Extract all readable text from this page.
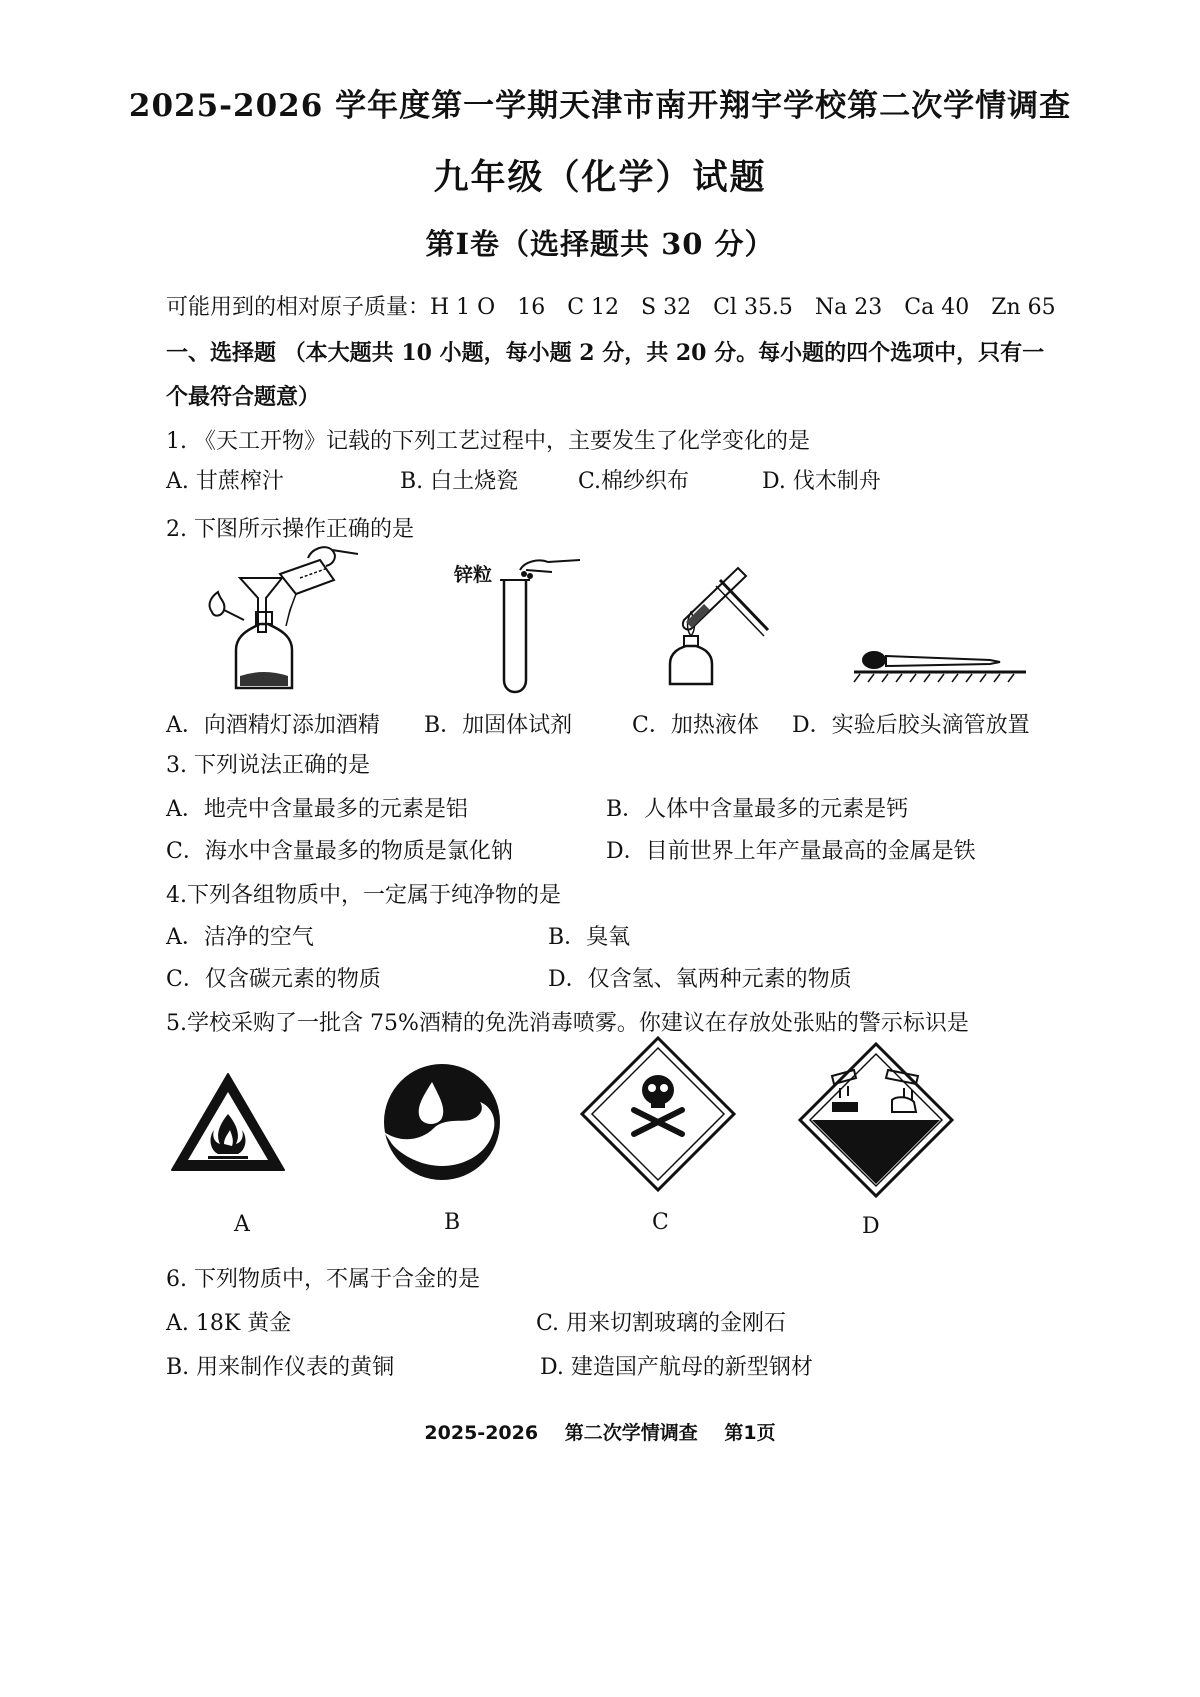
2025-2026 学年度第一学期天津市南开翔宇学校第二次学情调查
九年级（化学）试题
第Ⅰ卷（选择题共 30 分）
可能用到的相对原子质量：H 1 O　16　C 12　S 32　Cl 35.5　Na 23　Ca 40　Zn 65
一、选择题 （本大题共 10 小题，每小题 2 分，共 20 分。每小题的四个选项中，只有一
个最符合题意）
1. 《天工开物》记载的下列工艺过程中，主要发生了化学变化的是
A. 甘蔗榨汁	B. 白土烧瓷	C.棉纱织布	D. 伐木制舟
2. 下图所示操作正确的是
锌粒
A．向酒精灯添加酒精 B．加固体试剂	C．加热液体 D．实验后胶头滴管放置
3. 下列说法正确的是
A．地壳中含量最多的元素是铝	B．人体中含量最多的元素是钙
C．海水中含量最多的物质是氯化钠	D．目前世界上年产量最高的金属是铁
4.下列各组物质中，一定属于纯净物的是
A．洁净的空气	B．臭氧
C．仅含碳元素的物质	D．仅含氢、氧两种元素的物质
5.学校采购了一批含 75%酒精的免洗消毒喷雾。你建议在存放处张贴的警示标识是
A	B	C	D
6. 下列物质中，不属于合金的是
A. 18K 黄金	C. 用来切割玻璃的金刚石
B. 用来制作仪表的黄铜	D. 建造国产航母的新型钢材
2025-2026 第二次学情调查 第1页
